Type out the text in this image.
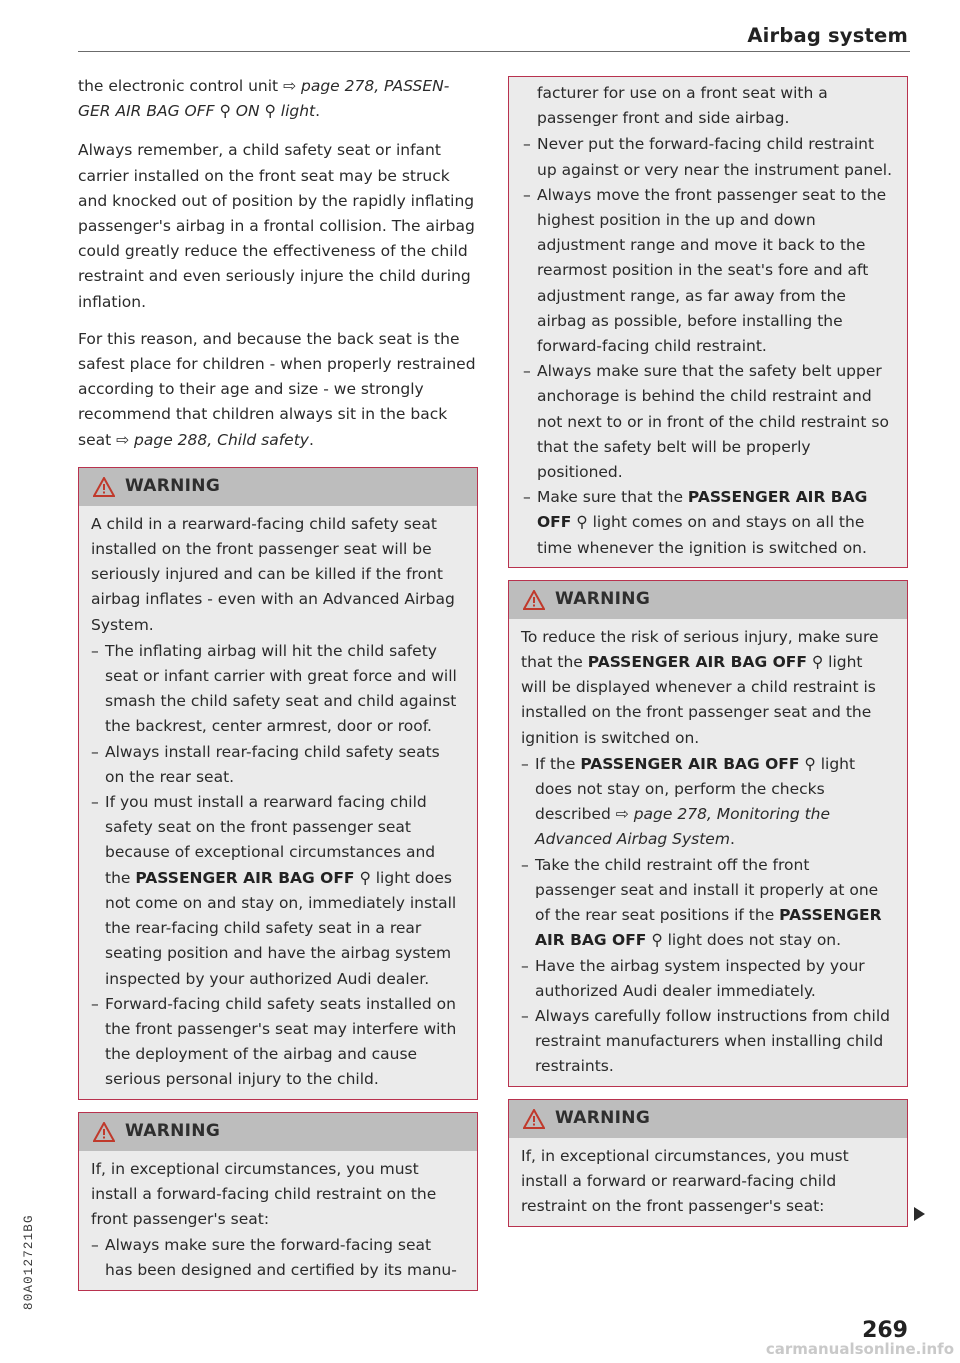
Airbag system

the electronic control unit ⇨ page 278, PASSEN-GER AIR BAG OFF ⚲ ON ⚲ light.

Always remember, a child safety seat or infant carrier installed on the front seat may be struck and knocked out of position by the rapidly inflating passenger's airbag in a frontal collision. The airbag could greatly reduce the effectiveness of the child restraint and even seriously injure the child during inflation.

For this reason, and because the back seat is the safest place for children - when properly restrained according to their age and size - we strongly recommend that children always sit in the back seat ⇨ page 288, Child safety.

WARNING

A child in a rearward-facing child safety seat installed on the front passenger seat will be seriously injured and can be killed if the front airbag inflates - even with an Advanced Airbag System.

– The inflating airbag will hit the child safety seat or infant carrier with great force and will smash the child safety seat and child against the backrest, center armrest, door or roof.
– Always install rear-facing child safety seats on the rear seat.
– If you must install a rearward facing child safety seat on the front passenger seat because of exceptional circumstances and the PASSENGER AIR BAG OFF ⚲ light does not come on and stay on, immediately install the rear-facing child safety seat in a rear seating position and have the airbag system inspected by your authorized Audi dealer.
– Forward-facing child safety seats installed on the front passenger's seat may interfere with the deployment of the airbag and cause serious personal injury to the child.
WARNING

If, in exceptional circumstances, you must install a forward-facing child restraint on the front passenger's seat:

– Always make sure the forward-facing seat has been designed and certified by its manu-

facturer for use on a front seat with a passenger front and side airbag.

– Never put the forward-facing child restraint up against or very near the instrument panel.
– Always move the front passenger seat to the highest position in the up and down adjustment range and move it back to the rearmost position in the seat's fore and aft adjustment range, as far away from the airbag as possible, before installing the forward-facing child restraint.
– Always make sure that the safety belt upper anchorage is behind the child restraint and not next to or in front of the child restraint so that the safety belt will be properly positioned.
– Make sure that the PASSENGER AIR BAG OFF ⚲ light comes on and stays on all the time whenever the ignition is switched on.
WARNING

To reduce the risk of serious injury, make sure that the PASSENGER AIR BAG OFF ⚲ light will be displayed whenever a child restraint is installed on the front passenger seat and the ignition is switched on.

– If the PASSENGER AIR BAG OFF ⚲ light does not stay on, perform the checks described ⇨ page 278, Monitoring the Advanced Airbag System.
– Take the child restraint off the front passenger seat and install it properly at one of the rear seat positions if the PASSENGER AIR BAG OFF ⚲ light does not stay on.
– Have the airbag system inspected by your authorized Audi dealer immediately.
– Always carefully follow instructions from child restraint manufacturers when installing child restraints.
WARNING

If, in exceptional circumstances, you must install a forward or rearward-facing child restraint on the front passenger's seat:

80A012721BG
269
carmanualsonline.info
